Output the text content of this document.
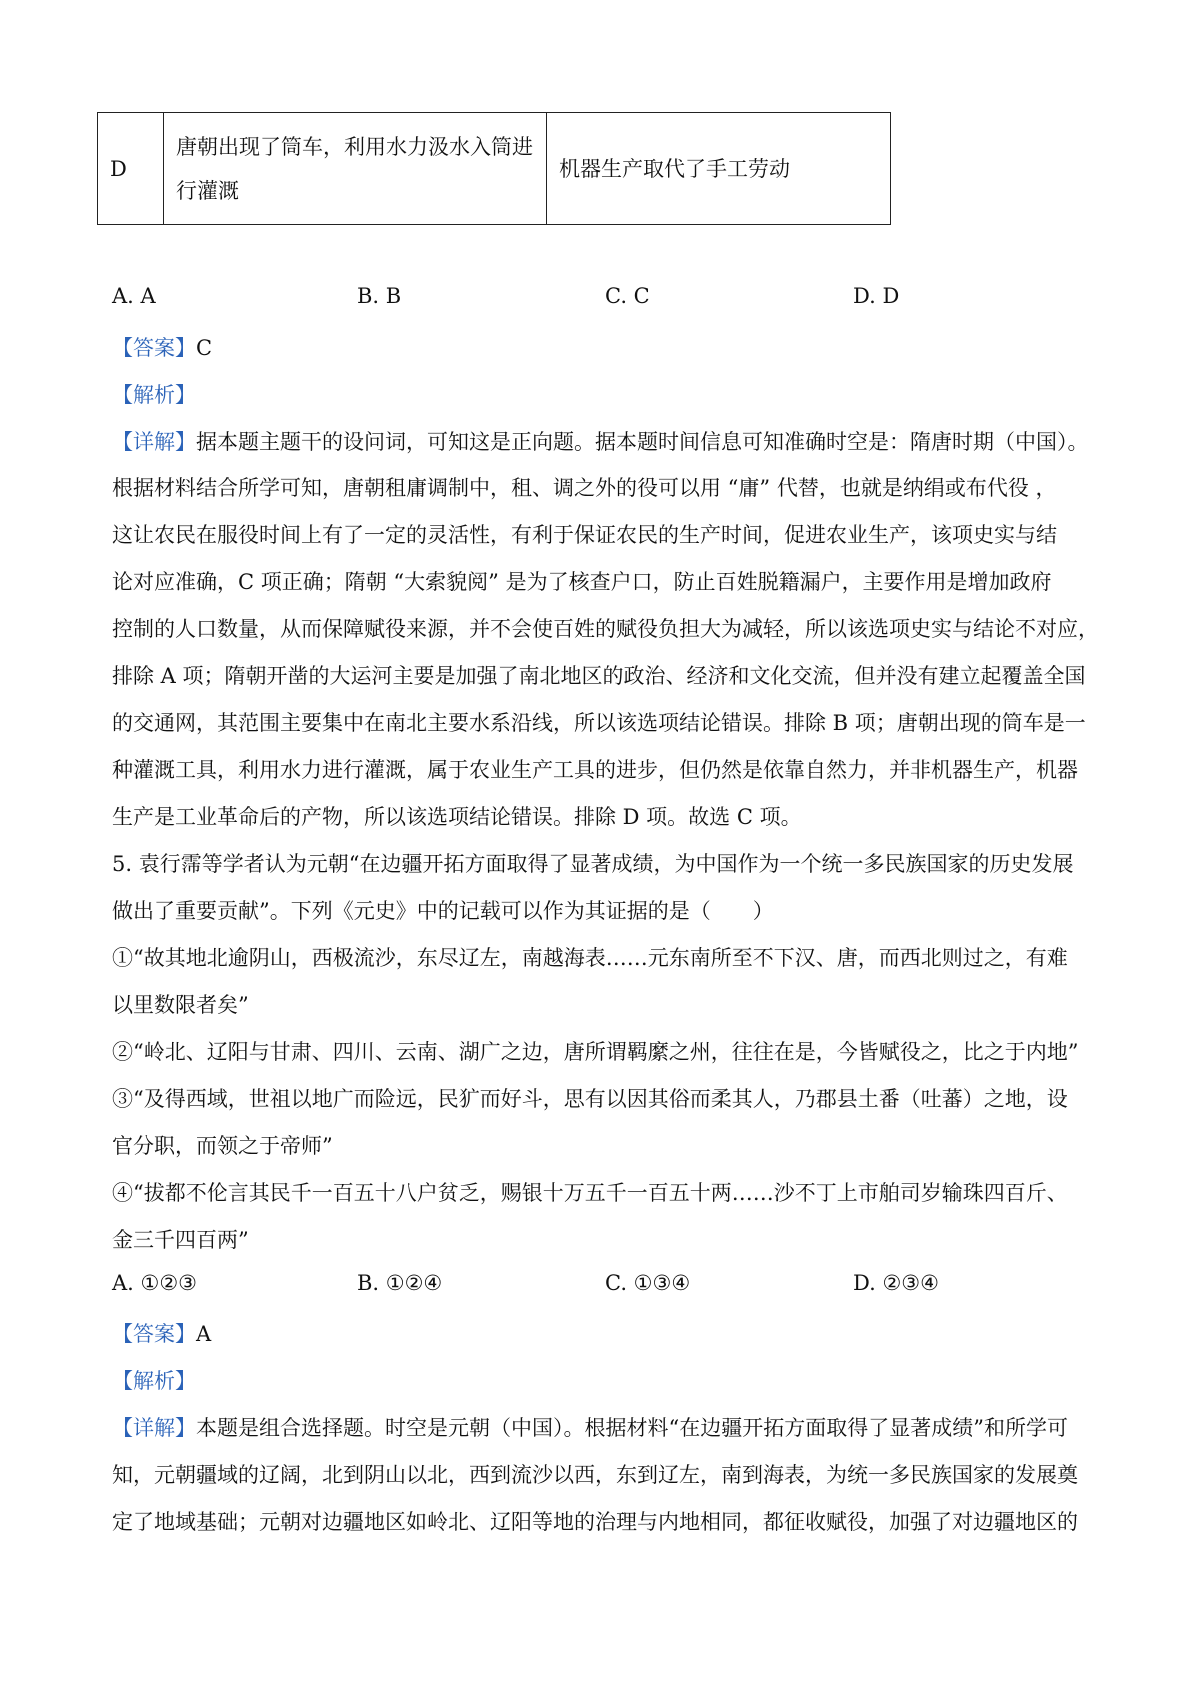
D	唐朝出现了筒车，利用水力汲水入筒进行灌溉	机器生产取代了手工劳动
A. A	B. B	C. C	D. D
【答案】C
【解析】
【详解】据本题主题干的设问词，可知这是正向题。据本题时间信息可知准确时空是：隋唐时期（中国）。
根据材料结合所学可知，唐朝租庸调制中，租、调之外的役可以用 “庸” 代替，也就是纳绢或布代役 ，
这让农民在服役时间上有了一定的灵活性，有利于保证农民的生产时间，促进农业生产，该项史实与结
论对应准确，C 项正确；隋朝 “大索貌阅” 是为了核查户口，防止百姓脱籍漏户，主要作用是增加政府
控制的人口数量，从而保障赋役来源，并不会使百姓的赋役负担大为减轻，所以该选项史实与结论不对应，
排除 A 项；隋朝开凿的大运河主要是加强了南北地区的政治、经济和文化交流，但并没有建立起覆盖全国
的交通网，其范围主要集中在南北主要水系沿线，所以该选项结论错误。排除 B 项；唐朝出现的筒车是一
种灌溉工具，利用水力进行灌溉，属于农业生产工具的进步，但仍然是依靠自然力，并非机器生产，机器
生产是工业革命后的产物，所以该选项结论错误。排除 D 项。故选 C 项。
5. 袁行霈等学者认为元朝“在边疆开拓方面取得了显著成绩，为中国作为一个统一多民族国家的历史发展
做出了重要贡献”。下列《元史》中的记载可以作为其证据的是（　　）
①“故其地北逾阴山，西极流沙，东尽辽左，南越海表……元东南所至不下汉、唐，而西北则过之，有难
以里数限者矣”
②“岭北、辽阳与甘肃、四川、云南、湖广之边，唐所谓羁縻之州，往往在是，今皆赋役之，比之于内地”
③“及得西域，世祖以地广而险远，民犷而好斗，思有以因其俗而柔其人，乃郡县土番（吐蕃）之地，设
官分职，而领之于帝师”
④“拔都不伦言其民千一百五十八户贫乏，赐银十万五千一百五十两……沙不丁上市舶司岁输珠四百斤、
金三千四百两”
A. ①②③	B. ①②④	C. ①③④	D. ②③④
【答案】A
【解析】
【详解】本题是组合选择题。时空是元朝（中国）。根据材料“在边疆开拓方面取得了显著成绩”和所学可
知，元朝疆域的辽阔，北到阴山以北，西到流沙以西，东到辽左，南到海表，为统一多民族国家的发展奠
定了地域基础；元朝对边疆地区如岭北、辽阳等地的治理与内地相同，都征收赋役，加强了对边疆地区的
